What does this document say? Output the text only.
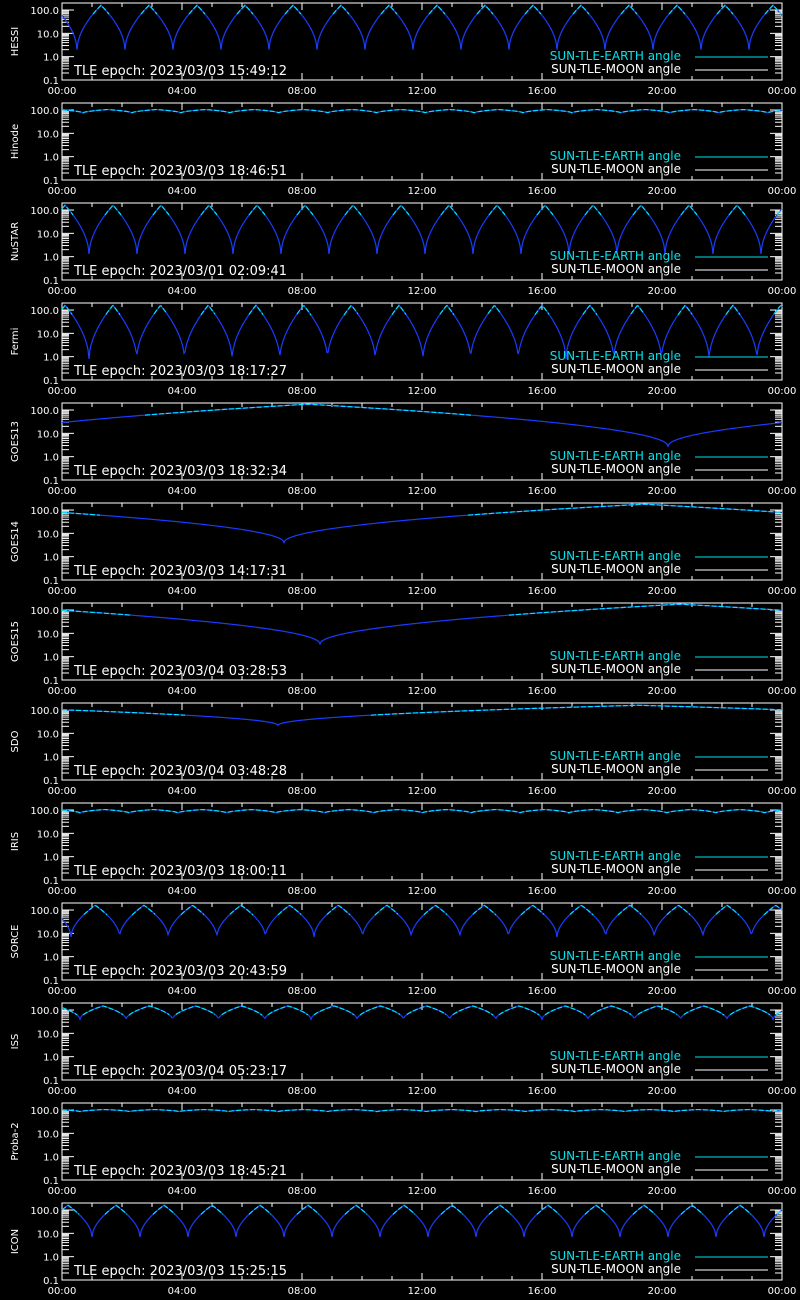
100.0
10.0
1.0
0.1
00:00	04:00	08:00	12:00	16:00	20:00	00:00
HESSI
TLE epoch: 2023/03/03 15:49:12
SUN-TLE-EARTH angle
SUN-TLE-MOON angle
100.0
10.0
1.0
0.1
00:00	04:00	08:00	12:00	16:00	20:00	00:00
Hinode
TLE epoch: 2023/03/03 18:46:51
SUN-TLE-EARTH angle
SUN-TLE-MOON angle
100.0
10.0
1.0
0.1
00:00	04:00	08:00	12:00	16:00	20:00	00:00
NuSTAR
TLE epoch: 2023/03/01 02:09:41
SUN-TLE-EARTH angle
SUN-TLE-MOON angle
100.0
10.0
1.0
0.1
00:00	04:00	08:00	12:00	16:00	20:00	00:00
Fermi
TLE epoch: 2023/03/03 18:17:27
SUN-TLE-EARTH angle
SUN-TLE-MOON angle
100.0
10.0
1.0
0.1
00:00	04:00	08:00	12:00	16:00	20:00	00:00
GOES13
TLE epoch: 2023/03/03 18:32:34
SUN-TLE-EARTH angle
SUN-TLE-MOON angle
100.0
10.0
1.0
0.1
00:00	04:00	08:00	12:00	16:00	20:00	00:00
GOES14
TLE epoch: 2023/03/03 14:17:31
SUN-TLE-EARTH angle
SUN-TLE-MOON angle
100.0
10.0
1.0
0.1
00:00	04:00	08:00	12:00	16:00	20:00	00:00
GOES15
TLE epoch: 2023/03/04 03:28:53
SUN-TLE-EARTH angle
SUN-TLE-MOON angle
100.0
10.0
1.0
0.1
00:00	04:00	08:00	12:00	16:00	20:00	00:00
SDO
TLE epoch: 2023/03/04 03:48:28
SUN-TLE-EARTH angle
SUN-TLE-MOON angle
100.0
10.0
1.0
0.1
00:00	04:00	08:00	12:00	16:00	20:00	00:00
IRIS
TLE epoch: 2023/03/03 18:00:11
SUN-TLE-EARTH angle
SUN-TLE-MOON angle
100.0
10.0
1.0
0.1
00:00	04:00	08:00	12:00	16:00	20:00	00:00
SORCE
TLE epoch: 2023/03/03 20:43:59
SUN-TLE-EARTH angle
SUN-TLE-MOON angle
100.0
10.0
1.0
0.1
00:00	04:00	08:00	12:00	16:00	20:00	00:00
ISS
TLE epoch: 2023/03/04 05:23:17
SUN-TLE-EARTH angle
SUN-TLE-MOON angle
100.0
10.0
1.0
0.1
00:00	04:00	08:00	12:00	16:00	20:00	00:00
Proba-2
TLE epoch: 2023/03/03 18:45:21
SUN-TLE-EARTH angle
SUN-TLE-MOON angle
100.0
10.0
1.0
0.1
00:00	04:00	08:00	12:00	16:00	20:00	00:00
ICON
TLE epoch: 2023/03/03 15:25:15
SUN-TLE-EARTH angle
SUN-TLE-MOON angle
